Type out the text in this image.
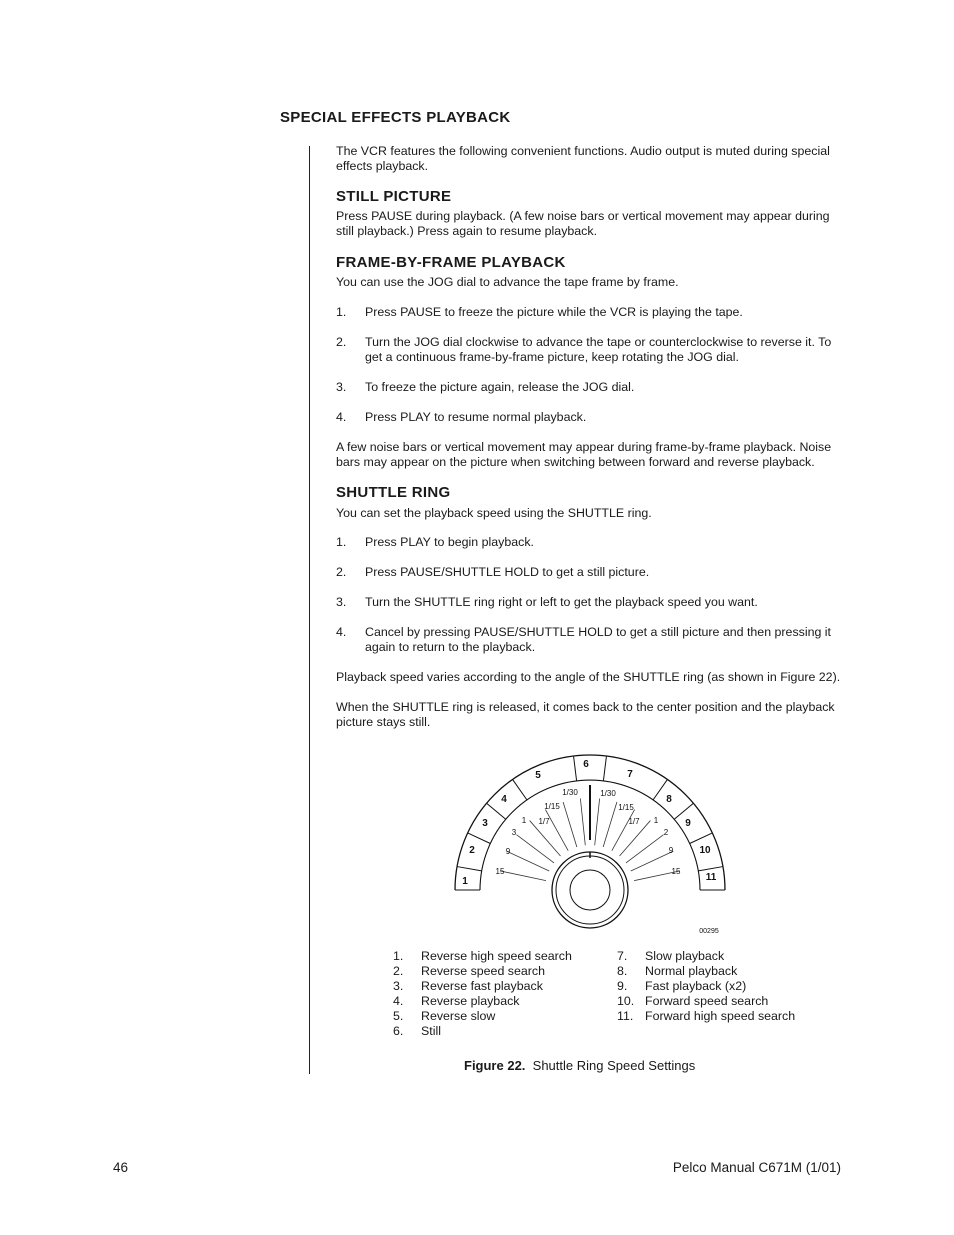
SPECIAL EFFECTS PLAYBACK

The VCR features the following convenient functions. Audio output is muted during special effects playback.

STILL PICTURE

Press PAUSE during playback. (A few noise bars or vertical movement may appear during still playback.) Press again to resume playback.

FRAME-BY-FRAME PLAYBACK

You can use the JOG dial to advance the tape frame by frame.

1. Press PAUSE to freeze the picture while the VCR is playing the tape.
2. Turn the JOG dial clockwise to advance the tape or counterclockwise to reverse it. To get a continuous frame-by-frame picture, keep rotating the JOG dial.
3. To freeze the picture again, release the JOG dial.
4. Press PLAY to resume normal playback.

A few noise bars or vertical movement may appear during frame-by-frame playback. Noise bars may appear on the picture when switching between forward and reverse playback.

SHUTTLE RING

You can set the playback speed using the SHUTTLE ring.

1. Press PLAY to begin playback.
2. Press PAUSE/SHUTTLE HOLD to get a still picture.
3. Turn the SHUTTLE ring right or left to get the playback speed you want.
4. Cancel by pressing PAUSE/SHUTTLE HOLD to get a still picture and then pressing it again to return to the playback.

Playback speed varies according to the angle of the SHUTTLE ring (as shown in Figure 22).

When the SHUTTLE ring is released, it comes back to the center position and the playback picture stays still.

1
2
3
4
5
6
7
8
9
10
11
15
9
3
1 1/7
1/15
1/30	1/30
1/15
1/7 1
2
9
15
00295
1.	Reverse high speed search
2.	Reverse speed search
3.	Reverse fast playback
4.	Reverse playback
5.	Reverse slow
6.	Still
7.	Slow playback
8.	Normal playback
9.	Fast playback (x2)
10. Forward speed search
11. Forward high speed search
Figure 22. Shuttle Ring Speed Settings
46	Pelco Manual C671M (1/01)
